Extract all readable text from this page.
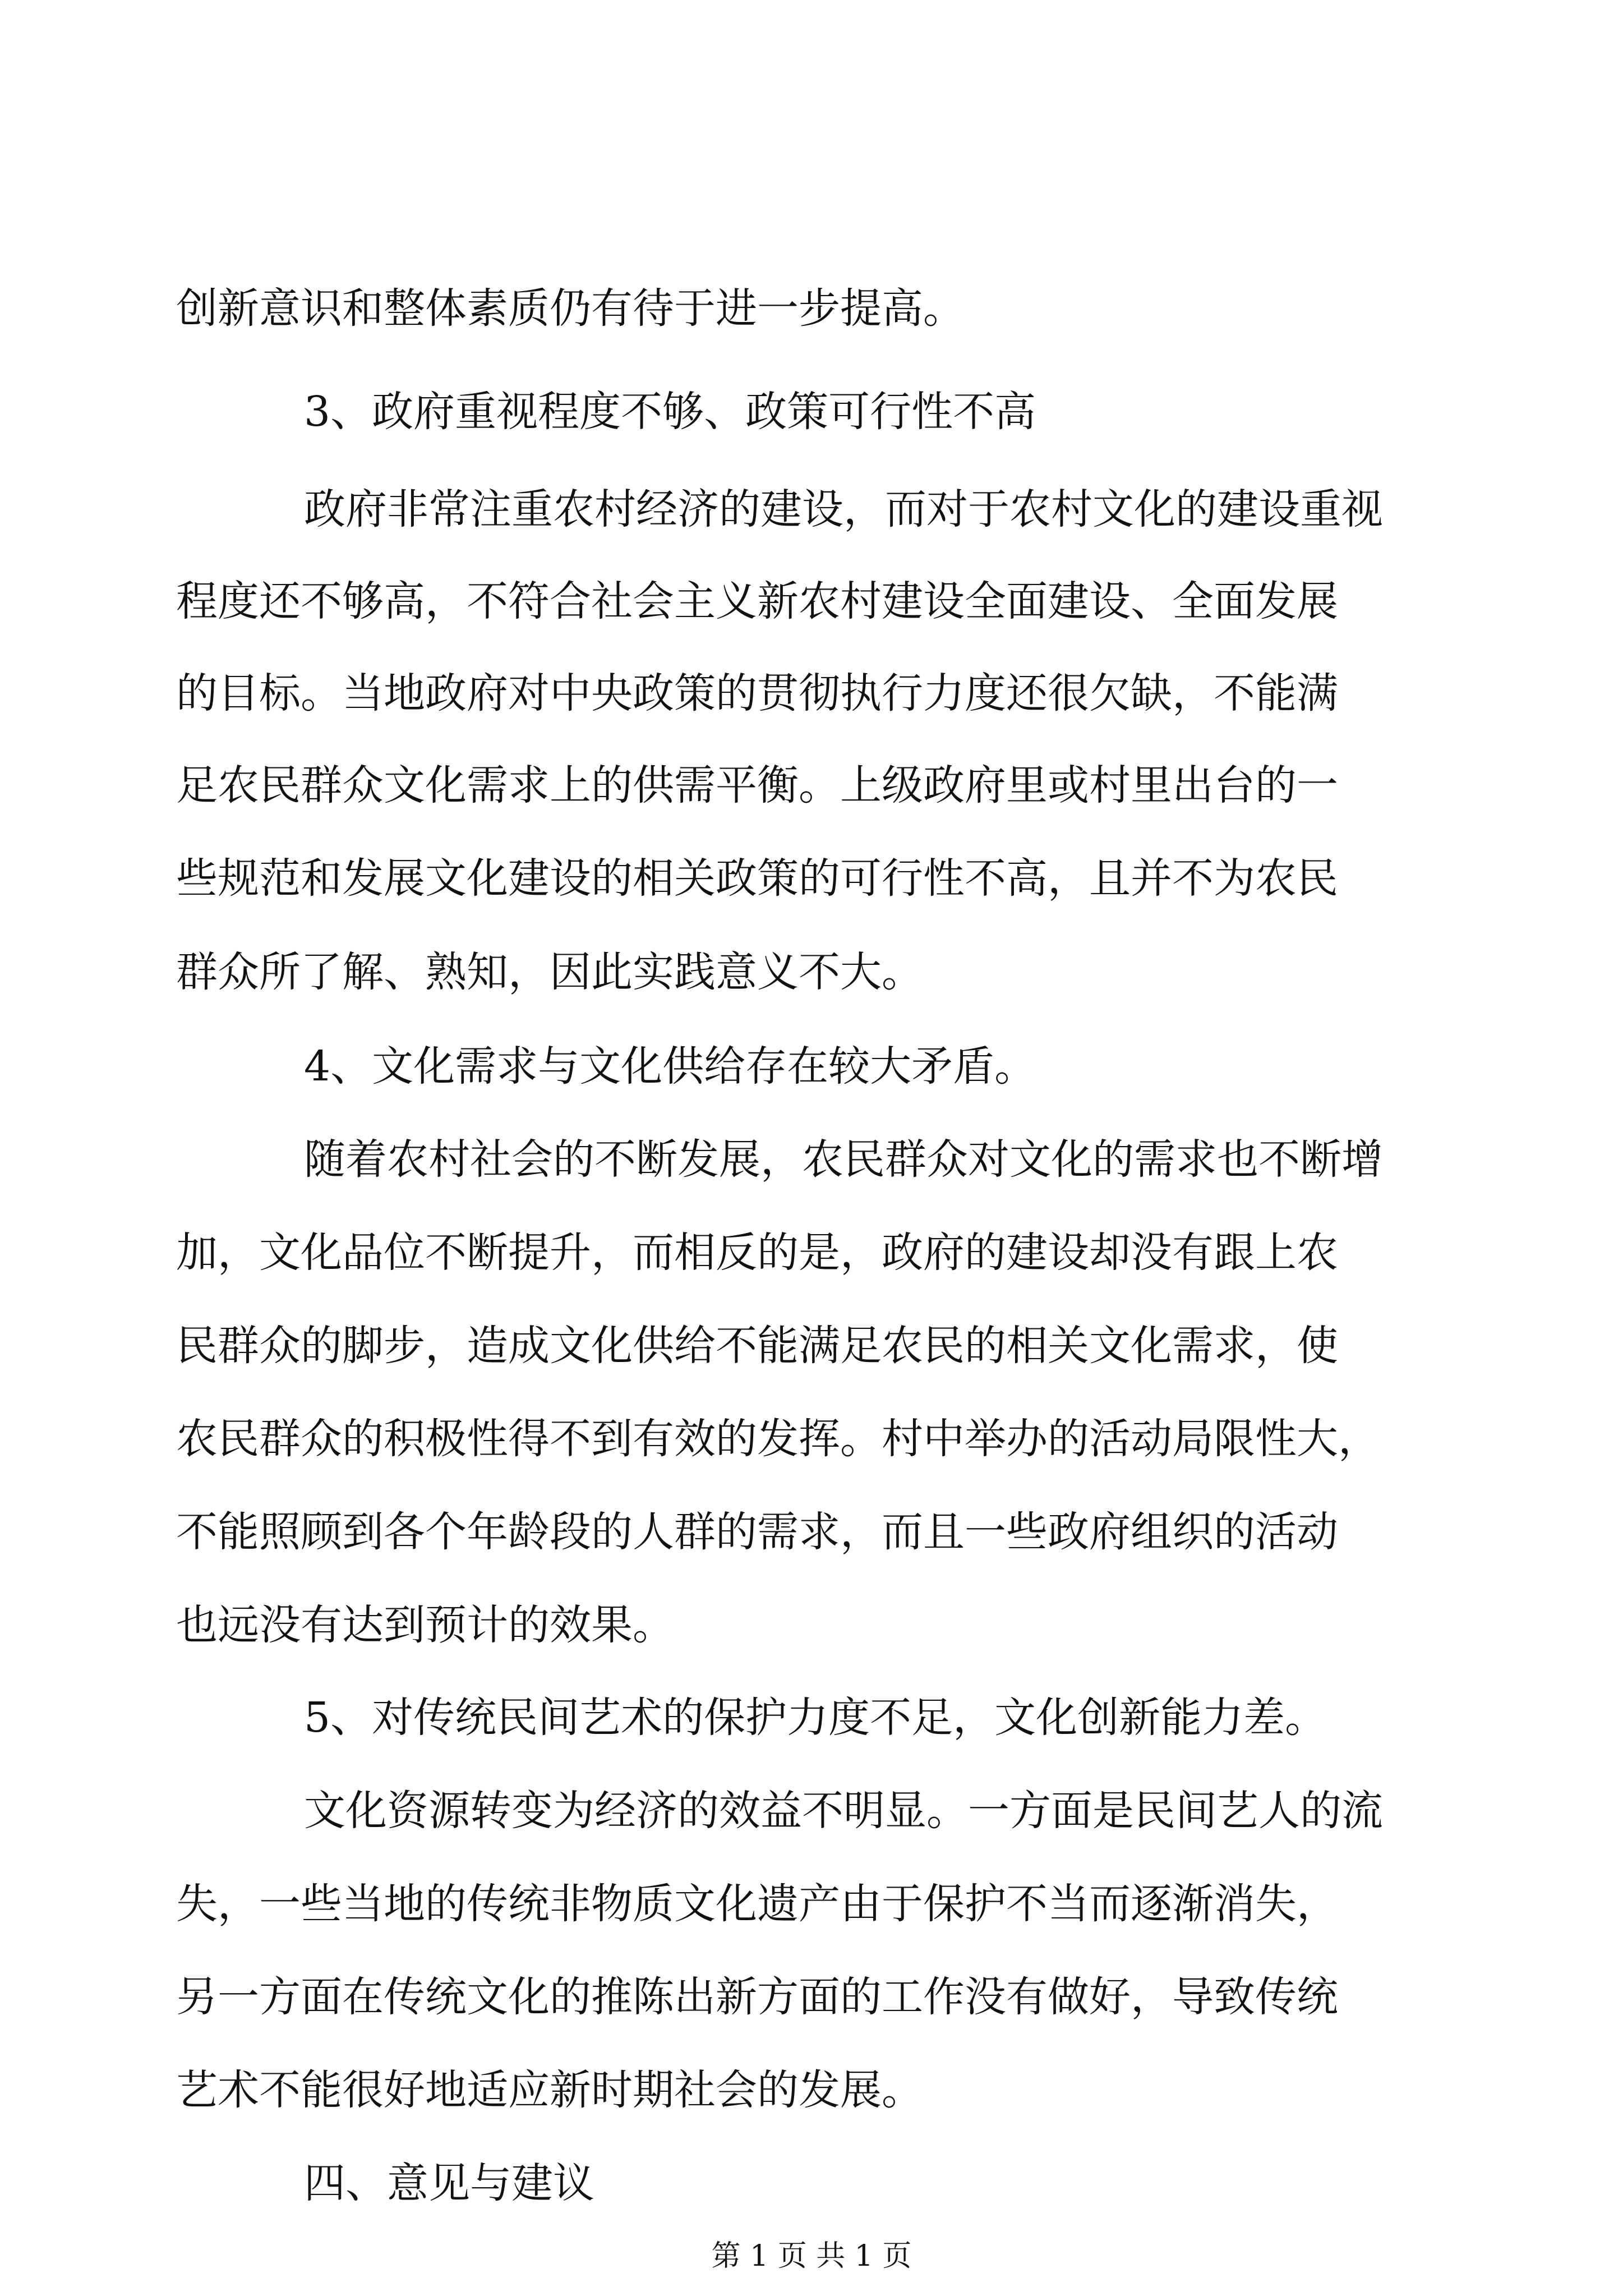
创新意识和整体素质仍有待于进一步提高。

3、政府重视程度不够、政策可行性不高

政府非常注重农村经济的建设，而对于农村文化的建设重视

程度还不够高，不符合社会主义新农村建设全面建设、全面发展

的目标。当地政府对中央政策的贯彻执行力度还很欠缺，不能满

足农民群众文化需求上的供需平衡。上级政府里或村里出台的一

些规范和发展文化建设的相关政策的可行性不高，且并不为农民

群众所了解、熟知，因此实践意义不大。

4、文化需求与文化供给存在较大矛盾。

随着农村社会的不断发展，农民群众对文化的需求也不断增

加，文化品位不断提升，而相反的是，政府的建设却没有跟上农

民群众的脚步，造成文化供给不能满足农民的相关文化需求，使

农民群众的积极性得不到有效的发挥。村中举办的活动局限性大，

不能照顾到各个年龄段的人群的需求，而且一些政府组织的活动

也远没有达到预计的效果。

5、对传统民间艺术的保护力度不足，文化创新能力差。

文化资源转变为经济的效益不明显。一方面是民间艺人的流

失，一些当地的传统非物质文化遗产由于保护不当而逐渐消失，

另一方面在传统文化的推陈出新方面的工作没有做好，导致传统

艺术不能很好地适应新时期社会的发展。

四、意见与建议

第 1 页 共 1 页
